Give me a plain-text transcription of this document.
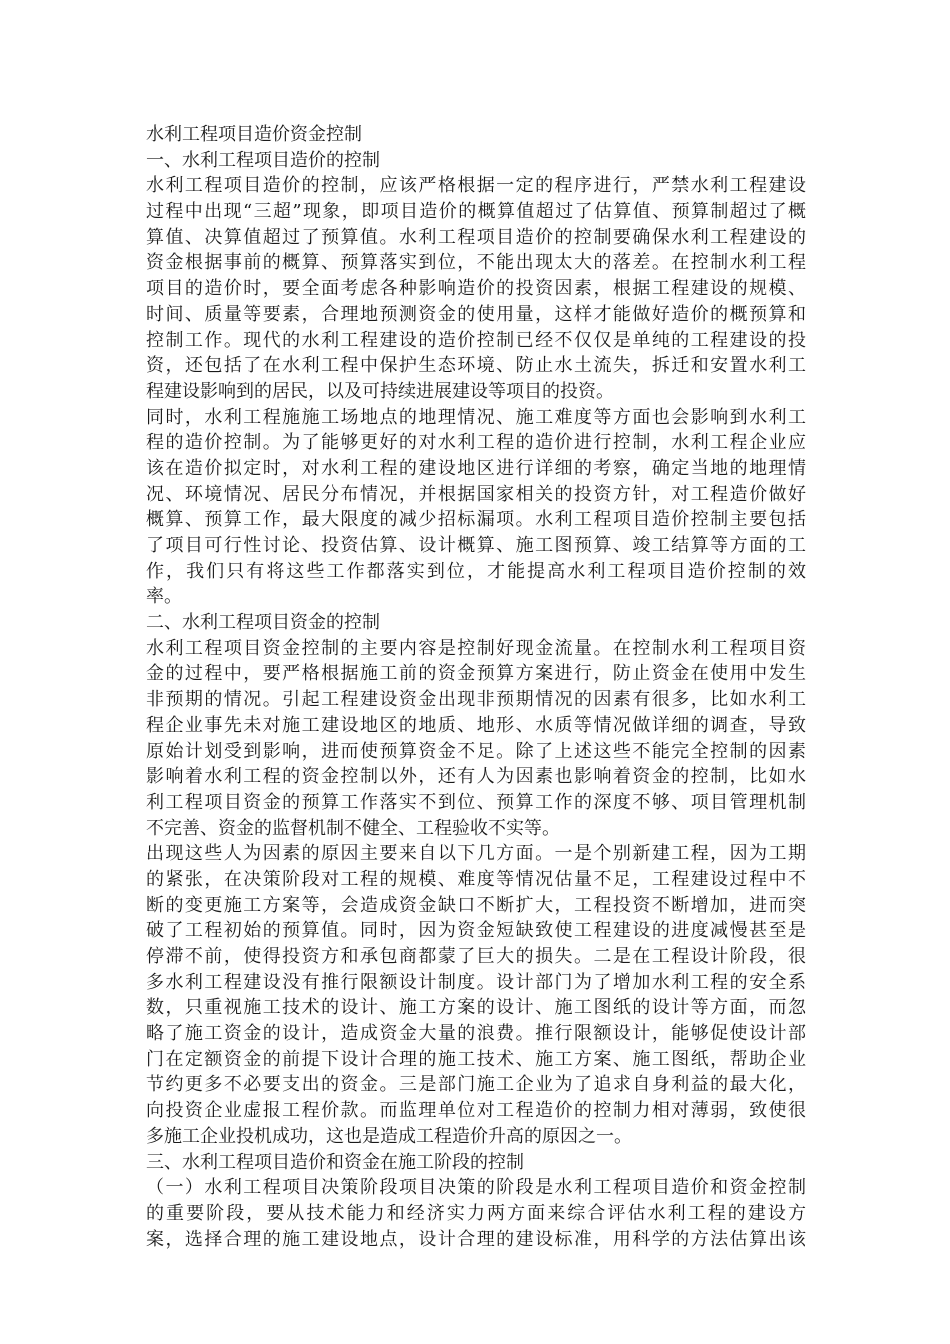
水利工程项目造价资金控制
一、水利工程项目造价的控制
水利工程项目造价的控制，应该严格根据一定的程序进行，严禁水利工程建设
过程中出现“三超”现象，即项目造价的概算值超过了估算值、预算制超过了概
算值、决算值超过了预算值。水利工程项目造价的控制要确保水利工程建设的
资金根据事前的概算、预算落实到位，不能出现太大的落差。在控制水利工程
项目的造价时，要全面考虑各种影响造价的投资因素，根据工程建设的规模、
时间、质量等要素，合理地预测资金的使用量，这样才能做好造价的概预算和
控制工作。现代的水利工程建设的造价控制已经不仅仅是单纯的工程建设的投
资，还包括了在水利工程中保护生态环境、防止水土流失，拆迁和安置水利工
程建设影响到的居民，以及可持续进展建设等项目的投资。
同时，水利工程施施工场地点的地理情况、施工难度等方面也会影响到水利工
程的造价控制。为了能够更好的对水利工程的造价进行控制，水利工程企业应
该在造价拟定时，对水利工程的建设地区进行详细的考察，确定当地的地理情
况、环境情况、居民分布情况，并根据国家相关的投资方针，对工程造价做好
概算、预算工作，最大限度的减少招标漏项。水利工程项目造价控制主要包括
了项目可行性讨论、投资估算、设计概算、施工图预算、竣工结算等方面的工
作，我们只有将这些工作都落实到位，才能提高水利工程项目造价控制的效
率。
二、水利工程项目资金的控制
水利工程项目资金控制的主要内容是控制好现金流量。在控制水利工程项目资
金的过程中，要严格根据施工前的资金预算方案进行，防止资金在使用中发生
非预期的情况。引起工程建设资金出现非预期情况的因素有很多，比如水利工
程企业事先未对施工建设地区的地质、地形、水质等情况做详细的调查，导致
原始计划受到影响，进而使预算资金不足。除了上述这些不能完全控制的因素
影响着水利工程的资金控制以外，还有人为因素也影响着资金的控制，比如水
利工程项目资金的预算工作落实不到位、预算工作的深度不够、项目管理机制
不完善、资金的监督机制不健全、工程验收不实等。
出现这些人为因素的原因主要来自以下几方面。一是个别新建工程，因为工期
的紧张，在决策阶段对工程的规模、难度等情况估量不足，工程建设过程中不
断的变更施工方案等，会造成资金缺口不断扩大，工程投资不断增加，进而突
破了工程初始的预算值。同时，因为资金短缺致使工程建设的进度减慢甚至是
停滞不前，使得投资方和承包商都蒙了巨大的损失。二是在工程设计阶段，很
多水利工程建设没有推行限额设计制度。设计部门为了增加水利工程的安全系
数，只重视施工技术的设计、施工方案的设计、施工图纸的设计等方面，而忽
略了施工资金的设计，造成资金大量的浪费。推行限额设计，能够促使设计部
门在定额资金的前提下设计合理的施工技术、施工方案、施工图纸，帮助企业
节约更多不必要支出的资金。三是部门施工企业为了追求自身利益的最大化，
向投资企业虚报工程价款。而监理单位对工程造价的控制力相对薄弱，致使很
多施工企业投机成功，这也是造成工程造价升高的原因之一。
三、水利工程项目造价和资金在施工阶段的控制
（一）水利工程项目决策阶段项目决策的阶段是水利工程项目造价和资金控制
的重要阶段，要从技术能力和经济实力两方面来综合评估水利工程的建设方
案，选择合理的施工建设地点，设计合理的建设标准，用科学的方法估算出该
